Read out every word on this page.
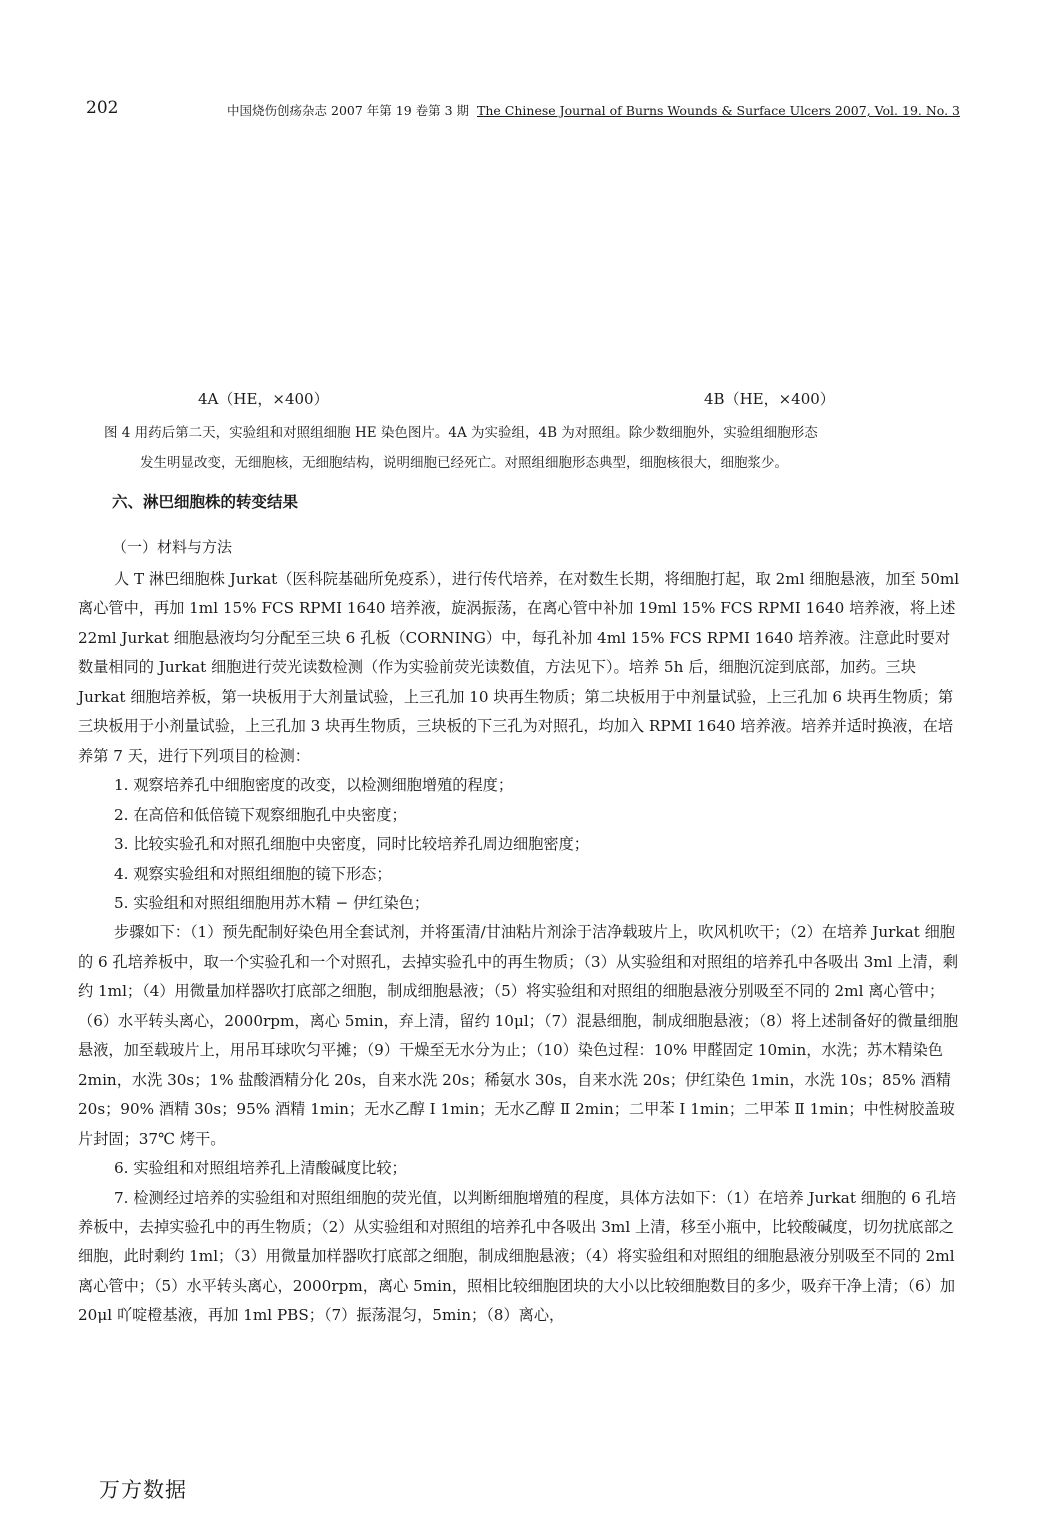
202	中国烧伤创疡杂志 2007 年第 19 卷第 3 期 The Chinese Journal of Burns Wounds & Surface Ulcers 2007, Vol. 19. No. 3
4A（HE，×400）	4B（HE，×400）

图 4 用药后第二天，实验组和对照组细胞 HE 染色图片。4A 为实验组，4B 为对照组。除少数细胞外，实验组细胞形态

发生明显改变，无细胞核，无细胞结构，说明细胞已经死亡。对照组细胞形态典型，细胞核很大，细胞浆少。

六、淋巴细胞株的转变结果
（一）材料与方法

人 T 淋巴细胞株 Jurkat（医科院基础所免疫系），进行传代培养，在对数生长期，将细胞打起，取 2ml 细胞悬液，加至 50ml 离心管中，再加 1ml 15% FCS RPMI 1640 培养液，旋涡振荡，在离心管中补加 19ml 15% FCS RPMI 1640 培养液，将上述 22ml Jurkat 细胞悬液均匀分配至三块 6 孔板（CORNING）中，每孔补加 4ml 15% FCS RPMI 1640 培养液。注意此时要对数量相同的 Jurkat 细胞进行荧光读数检测（作为实验前荧光读数值，方法见下）。培养 5h 后，细胞沉淀到底部，加药。三块 Jurkat 细胞培养板，第一块板用于大剂量试验，上三孔加 10 块再生物质；第二块板用于中剂量试验，上三孔加 6 块再生物质；第三块板用于小剂量试验，上三孔加 3 块再生物质，三块板的下三孔为对照孔，均加入 RPMI 1640 培养液。培养并适时换液，在培养第 7 天，进行下列项目的检测：

1. 观察培养孔中细胞密度的改变，以检测细胞增殖的程度；

2. 在高倍和低倍镜下观察细胞孔中央密度；

3. 比较实验孔和对照孔细胞中央密度，同时比较培养孔周边细胞密度；

4. 观察实验组和对照组细胞的镜下形态；

5. 实验组和对照组细胞用苏木精 − 伊红染色；

步骤如下：（1）预先配制好染色用全套试剂，并将蛋清/甘油粘片剂涂于洁净载玻片上，吹风机吹干；（2）在培养 Jurkat 细胞的 6 孔培养板中，取一个实验孔和一个对照孔，去掉实验孔中的再生物质；（3）从实验组和对照组的培养孔中各吸出 3ml 上清，剩约 1ml；（4）用微量加样器吹打底部之细胞，制成细胞悬液；（5）将实验组和对照组的细胞悬液分别吸至不同的 2ml 离心管中；（6）水平转头离心，2000rpm，离心 5min，弃上清，留约 10μl；（7）混悬细胞，制成细胞悬液；（8）将上述制备好的微量细胞悬液，加至载玻片上，用吊耳球吹匀平摊；（9）干燥至无水分为止；（10）染色过程：10% 甲醛固定 10min，水洗；苏木精染色 2min，水洗 30s；1% 盐酸酒精分化 20s，自来水洗 20s；稀氨水 30s，自来水洗 20s；伊红染色 1min，水洗 10s；85% 酒精 20s；90% 酒精 30s；95% 酒精 1min；无水乙醇 Ⅰ 1min；无水乙醇 Ⅱ 2min；二甲苯 Ⅰ 1min；二甲苯 Ⅱ 1min；中性树胶盖玻片封固；37℃ 烤干。

6. 实验组和对照组培养孔上清酸碱度比较；

7. 检测经过培养的实验组和对照组细胞的荧光值，以判断细胞增殖的程度，具体方法如下：（1）在培养 Jurkat 细胞的 6 孔培养板中，去掉实验孔中的再生物质；（2）从实验组和对照组的培养孔中各吸出 3ml 上清，移至小瓶中，比较酸碱度，切勿扰底部之细胞，此时剩约 1ml；（3）用微量加样器吹打底部之细胞，制成细胞悬液；（4）将实验组和对照组的细胞悬液分别吸至不同的 2ml 离心管中；（5）水平转头离心，2000rpm，离心 5min，照相比较细胞团块的大小以比较细胞数目的多少，吸弃干净上清；（6）加 20μl 吖啶橙基液，再加 1ml PBS；（7）振荡混匀，5min；（8）离心，

万方数据
